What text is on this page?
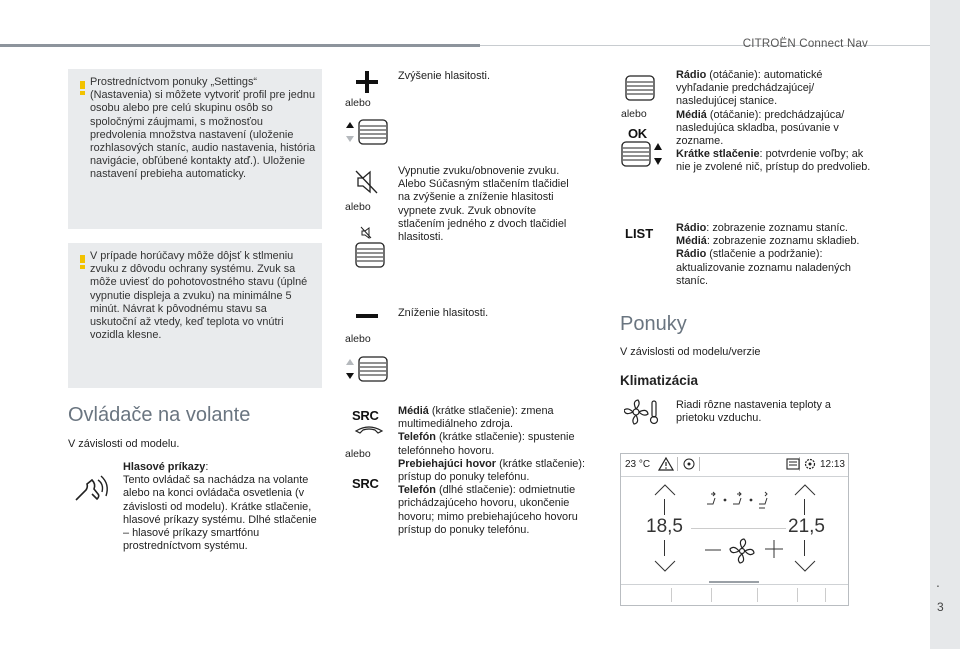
CITROËN Connect Nav
.
3
Prostredníctvom ponuky „Settings“ (Nastavenia) si môžete vytvoriť profil pre jednu osobu alebo pre celú skupinu osôb so spoločnými záujmami, s možnosťou predvolenia množstva nastavení (uloženie rozhlasových staníc, audio nastavenia, história navigácie, obľúbené kontakty atď.). Uloženie nastavení prebieha automaticky.
V prípade horúčavy môže dôjsť k stlmeniu zvuku z dôvodu ochrany systému. Zvuk sa môže uviesť do pohotovostného stavu (úplné vypnutie displeja a zvuku) na minimálne 5 minút. Návrat k pôvodnému stavu sa uskutoční až vtedy, keď teplota vo vnútri vozidla klesne.
Ovládače na volante
V závislosti od modelu.
Hlasové príkazy:
Tento ovládač sa nachádza na volante alebo na konci ovládača osvetlenia (v závislosti od modelu). Krátke stlačenie, hlasové príkazy systému. Dlhé stlačenie – hlasové príkazy smartfónu prostredníctvom systému.
alebo
Zvýšenie hlasitosti.
alebo
Vypnutie zvuku/obnovenie zvuku. Alebo Súčasným stlačením tlačidiel na zvýšenie a zníženie hlasitosti vypnete zvuk. Zvuk obnovíte stlačením jedného z dvoch tlačidiel hlasitosti.
alebo
Zníženie hlasitosti.
SRC
alebo
SRC
Médiá (krátke stlačenie): zmena multimediálneho zdroja.
Telefón (krátke stlačenie): spustenie telefónneho hovoru.
Prebiehajúci hovor (krátke stlačenie): prístup do ponuky telefónu.
Telefón (dlhé stlačenie): odmietnutie prichádzajúceho hovoru, ukončenie hovoru; mimo prebiehajúceho hovoru prístup do ponuky telefónu.
alebo
OK
Rádio (otáčanie): automatické vyhľadanie predchádzajúcej/ nasledujúcej stanice.
Médiá (otáčanie): predchádzajúca/ nasledujúca skladba, posúvanie v zozname.
Krátke stlačenie: potvrdenie voľby; ak nie je zvolené nič, prístup do predvolieb.
LIST Rádio: zobrazenie zoznamu staníc.
Médiá: zobrazenie zoznamu skladieb.
Rádio (stlačenie a podržanie): aktualizovanie zoznamu naladených staníc.
Ponuky
V závislosti od modelu/verzie
Klimatizácia
Riadi rôzne nastavenia teploty a prietoku vzduchu.
23 °C	12:13
18,5	21,5
